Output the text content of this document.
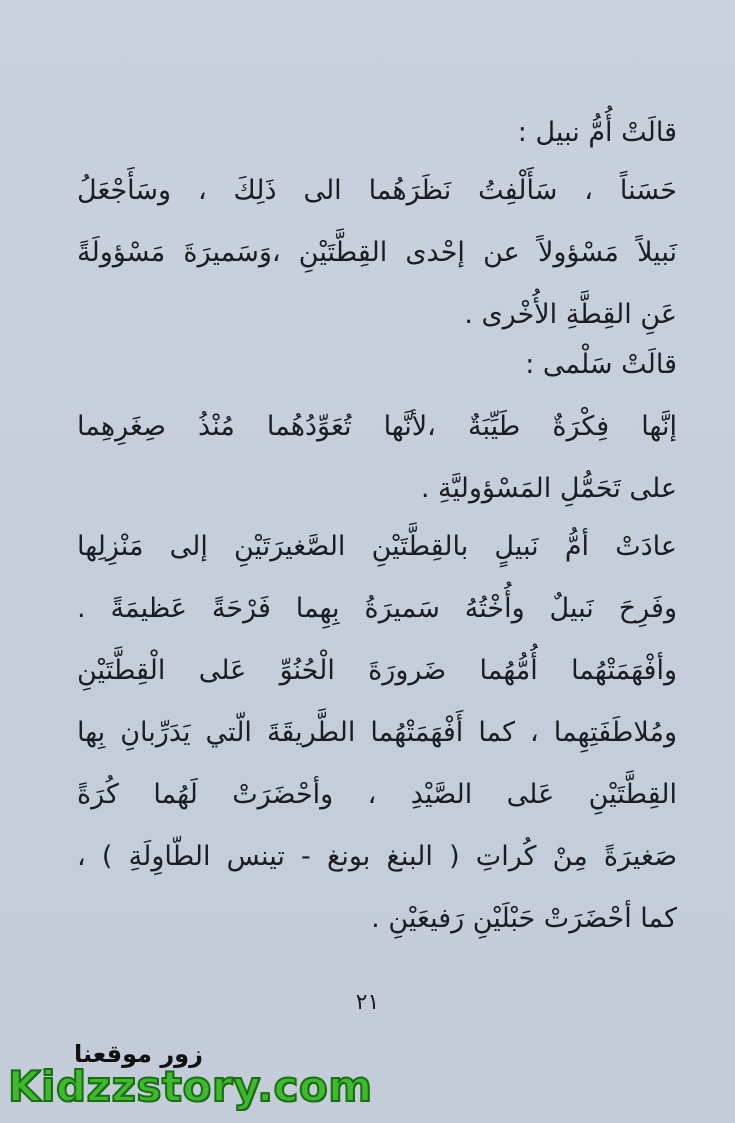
قالَتْ أُمُّ نبيل :
حَسَناً ، سَأَلْفِتُ نَظَرَهُما الى ذَلِكَ ، وسَأَجْعَلُ
نَبيلاً مَسْؤولاً عن إحْدى القِطَّتَيْنِ ،وَسَميرَةَ مَسْؤولَةً
عَنِ القِطَّةِ الأُخْرى .
قالَتْ سَلْمى :
إنَّها فِكْرَةٌ طَيِّبَةٌ ،لأنَّها تُعَوِّدُهُما مُنْذُ صِغَرِهِما
على تَحَمُّلِ المَسْؤوليَّةِ .
عادَتْ أمُّ نَبيلٍ بالقِطَّتَيْنِ الصَّغيرَتَيْنِ إلى مَنْزِلِها
وفَرِحَ نَبيلٌ وأُخْتُهُ سَميرَةُ بِهِما فَرْحَةً عَظيمَةً .
وأفْهَمَتْهُما أُمُّهُما ضَرورَةَ الْحُنُوِّ عَلى الْقِطَّتَيْنِ
ومُلاطَفَتِهِما ، كما أَفْهَمَتْهُما الطَّريقَةَ الّتي يَدَرِّبانِ بِها
القِطَّتَيْنِ عَلى الصَّيْدِ ، وأحْضَرَتْ لَهُما كُرَةً
صَغيرَةً مِنْ كُراتِ ( البنغ بونغ - تينس الطّاوِلَةِ ) ،
كما أحْضَرَتْ حَبْلَيْنِ رَفيعَيْنِ .
٢١
زور موقعنا
Kidzzstory.com
